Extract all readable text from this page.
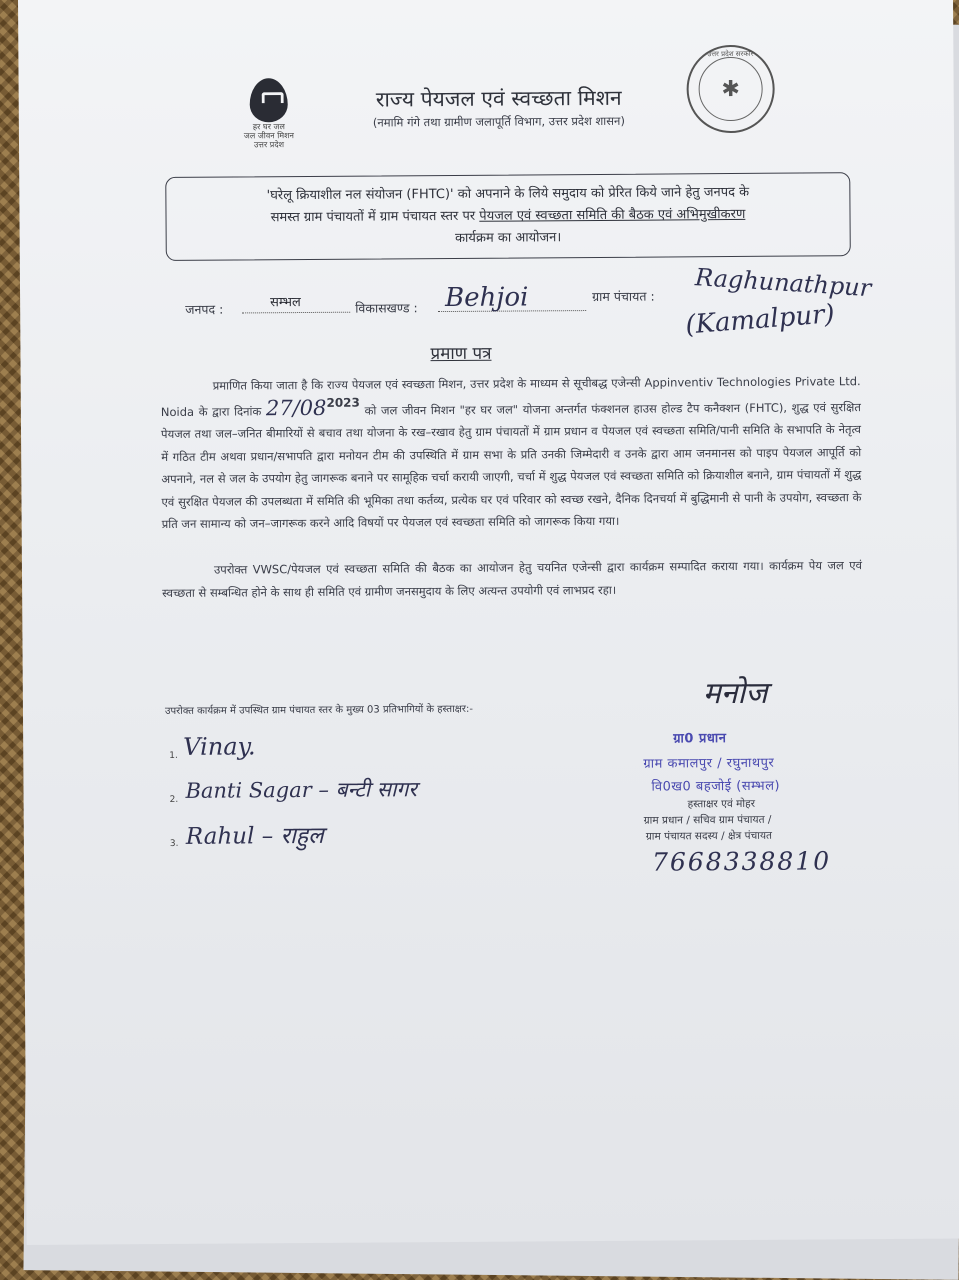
हर घर जल
जल जीवन मिशन
उत्तर प्रदेश
राज्य पेयजल एवं स्वच्छता मिशन
(नमामि गंगे तथा ग्रामीण जलापूर्ति विभाग, उत्तर प्रदेश शासन)
उत्तर प्रदेश सरकार
✱
'घरेलू क्रियाशील नल संयोजन (FHTC)' को अपनाने के लिये समुदाय को प्रेरित किये जाने हेतु जनपद के
समस्त ग्राम पंचायतों में ग्राम पंचायत स्तर पर पेयजल एवं स्वच्छता समिति की बैठक एवं अभिमुखीकरण
कार्यक्रम का आयोजन।
जनपद :	सम्भल	विकासखण्ड : Behjoi	ग्राम पंचायत : Raghunathpur
(Kamalpur)
प्रमाण पत्र
प्रमाणित किया जाता है कि राज्य पेयजल एवं स्वच्छता मिशन, उत्तर प्रदेश के माध्यम से सूचीबद्ध एजेन्सी Appinventiv Technologies Private Ltd. Noida के द्वारा दिनांक 27/082023 को जल जीवन मिशन "हर घर जल" योजना अन्तर्गत फंक्शनल हाउस होल्ड टैप कनैक्शन (FHTC), शुद्ध एवं सुरक्षित पेयजल तथा जल–जनित बीमारियों से बचाव तथा योजना के रख–रखाव हेतु ग्राम पंचायतों में ग्राम प्रधान व पेयजल एवं स्वच्छता समिति/पानी समिति के सभापति के नेतृत्व में गठित टीम अथवा प्रधान/सभापति द्वारा मनोयन टीम की उपस्थिति में ग्राम सभा के प्रति उनकी जिम्मेदारी व उनके द्वारा आम जनमानस को पाइप पेयजल आपूर्ति को अपनाने, नल से जल के उपयोग हेतु जागरूक बनाने पर सामूहिक चर्चा करायी जाएगी, चर्चा में शुद्ध पेयजल एवं स्वच्छता समिति को क्रियाशील बनाने, ग्राम पंचायतों में शुद्ध एवं सुरक्षित पेयजल की उपलब्धता में समिति की भूमिका तथा कर्तव्य, प्रत्येक घर एवं परिवार को स्वच्छ रखने, दैनिक दिनचर्या में बुद्धिमानी से पानी के उपयोग, स्वच्छता के प्रति जन सामान्य को जन–जागरूक करने आदि विषयों पर पेयजल एवं स्वच्छता समिति को जागरूक किया गया।
उपरोक्त VWSC/पेयजल एवं स्वच्छता समिति की बैठक का आयोजन हेतु चयनित एजेन्सी द्वारा कार्यक्रम सम्पादित कराया गया। कार्यक्रम पेय जल एवं स्वच्छता से सम्बन्धित होने के साथ ही समिति एवं ग्रामीण जनसमुदाय के लिए अत्यन्त उपयोगी एवं लाभप्रद रहा।
उपरोक्त कार्यक्रम में उपस्थित ग्राम पंचायत स्तर के मुख्य 03 प्रतिभागियों के हस्ताक्षर:-
1. Vinay.
2. Banti Sagar – बन्टी सागर
3. Rahul – राहुल
मनोज
ग्रा0 प्रधान
ग्राम कमालपुर / रघुनाथपुर
वि0ख0 बहजोई (सम्भल)
हस्ताक्षर एवं मोहर
ग्राम प्रधान / सचिव ग्राम पंचायत /
ग्राम पंचायत सदस्य / क्षेत्र पंचायत
7668338810
